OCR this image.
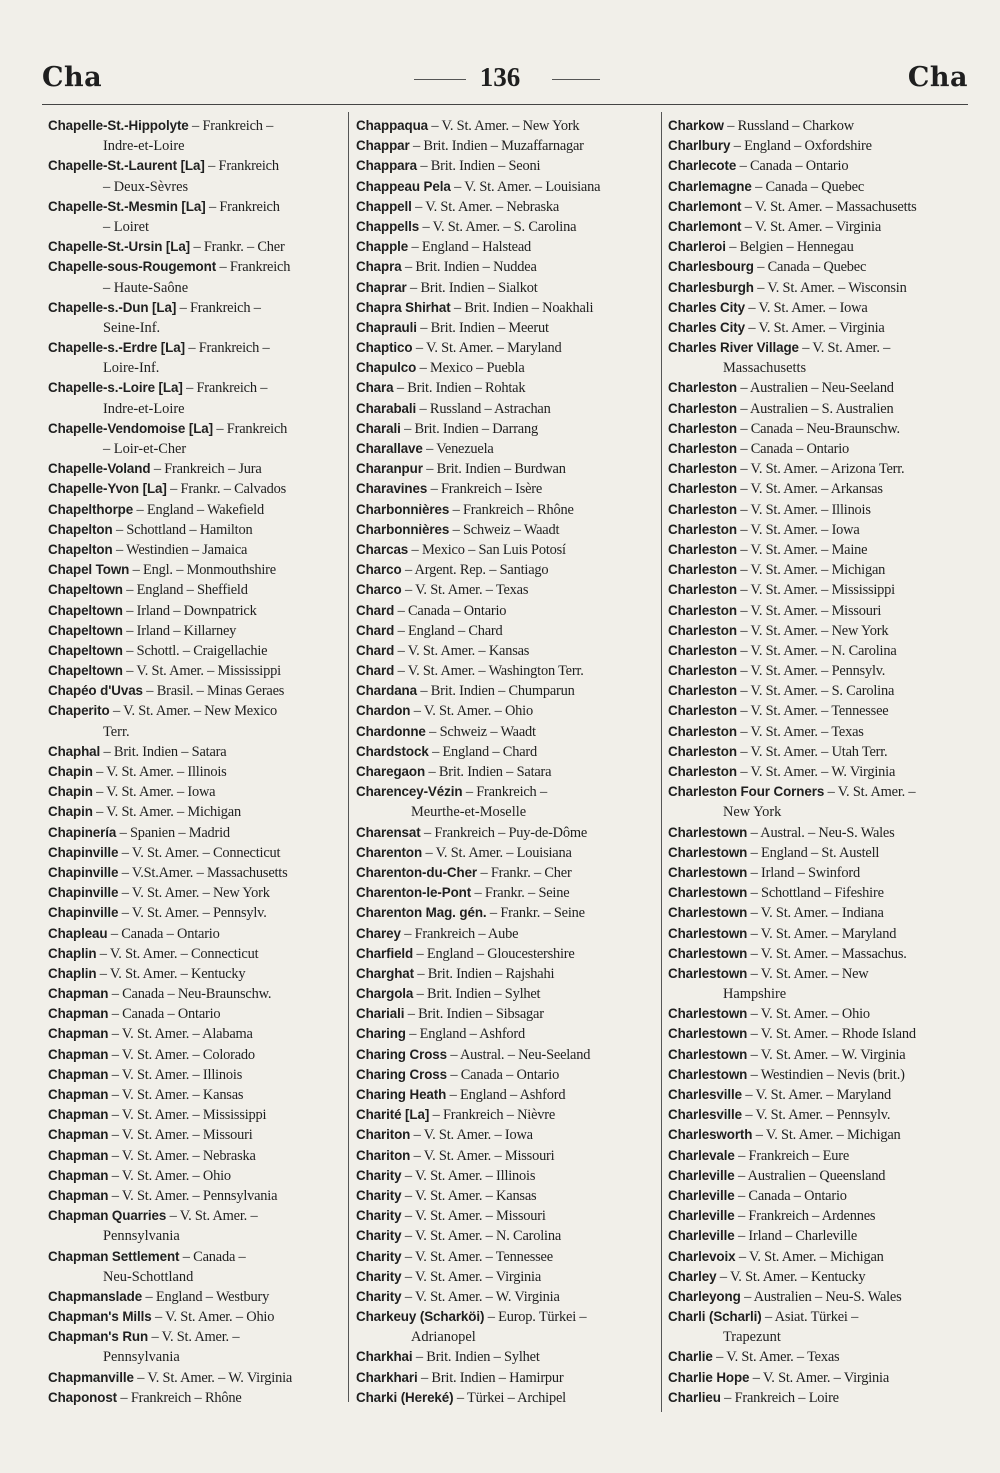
Cha	136	Cha
Chapelle-St.-Hippolyte – Frankreich –
Indre-et-Loire
Chapelle-St.-Laurent [La] – Frankreich
– Deux-Sèvres
Chapelle-St.-Mesmin [La] – Frankreich
– Loiret
Chapelle-St.-Ursin [La] – Frankr. – Cher
Chapelle-sous-Rougemont – Frankreich
– Haute-Saône
Chapelle-s.-Dun [La] – Frankreich –
Seine-Inf.
Chapelle-s.-Erdre [La] – Frankreich –
Loire-Inf.
Chapelle-s.-Loire [La] – Frankreich –
Indre-et-Loire
Chapelle-Vendomoise [La] – Frankreich
– Loir-et-Cher
Chapelle-Voland – Frankreich – Jura
Chapelle-Yvon [La] – Frankr. – Calvados
Chapelthorpe – England – Wakefield
Chapelton – Schottland – Hamilton
Chapelton – Westindien – Jamaica
Chapel Town – Engl. – Monmouthshire
Chapeltown – England – Sheffield
Chapeltown – Irland – Downpatrick
Chapeltown – Irland – Killarney
Chapeltown – Schottl. – Craigellachie
Chapeltown – V. St. Amer. – Mississippi
Chapéo d'Uvas – Brasil. – Minas Geraes
Chaperito – V. St. Amer. – New Mexico
Terr.
Chaphal – Brit. Indien – Satara
Chapin – V. St. Amer. – Illinois
Chapin – V. St. Amer. – Iowa
Chapin – V. St. Amer. – Michigan
Chapinería – Spanien – Madrid
Chapinville – V. St. Amer. – Connecticut
Chapinville – V.St.Amer. – Massachusetts
Chapinville – V. St. Amer. – New York
Chapinville – V. St. Amer. – Pennsylv.
Chapleau – Canada – Ontario
Chaplin – V. St. Amer. – Connecticut
Chaplin – V. St. Amer. – Kentucky
Chapman – Canada – Neu-Braunschw.
Chapman – Canada – Ontario
Chapman – V. St. Amer. – Alabama
Chapman – V. St. Amer. – Colorado
Chapman – V. St. Amer. – Illinois
Chapman – V. St. Amer. – Kansas
Chapman – V. St. Amer. – Mississippi
Chapman – V. St. Amer. – Missouri
Chapman – V. St. Amer. – Nebraska
Chapman – V. St. Amer. – Ohio
Chapman – V. St. Amer. – Pennsylvania
Chapman Quarries – V. St. Amer. –
Pennsylvania
Chapman Settlement – Canada –
Neu-Schottland
Chapmanslade – England – Westbury
Chapman's Mills – V. St. Amer. – Ohio
Chapman's Run – V. St. Amer. –
Pennsylvania
Chapmanville – V. St. Amer. – W. Virginia
Chaponost – Frankreich – Rhône
Chappaqua – V. St. Amer. – New York
Chappar – Brit. Indien – Muzaffarnagar
Chappara – Brit. Indien – Seoni
Chappeau Pela – V. St. Amer. – Louisiana
Chappell – V. St. Amer. – Nebraska
Chappells – V. St. Amer. – S. Carolina
Chapple – England – Halstead
Chapra – Brit. Indien – Nuddea
Chaprar – Brit. Indien – Sialkot
Chapra Shirhat – Brit. Indien – Noakhali
Chaprauli – Brit. Indien – Meerut
Chaptico – V. St. Amer. – Maryland
Chapulco – Mexico – Puebla
Chara – Brit. Indien – Rohtak
Charabali – Russland – Astrachan
Charali – Brit. Indien – Darrang
Charallave – Venezuela
Charanpur – Brit. Indien – Burdwan
Charavines – Frankreich – Isère
Charbonnières – Frankreich – Rhône
Charbonnières – Schweiz – Waadt
Charcas – Mexico – San Luis Potosí
Charco – Argent. Rep. – Santiago
Charco – V. St. Amer. – Texas
Chard – Canada – Ontario
Chard – England – Chard
Chard – V. St. Amer. – Kansas
Chard – V. St. Amer. – Washington Terr.
Chardana – Brit. Indien – Chumparun
Chardon – V. St. Amer. – Ohio
Chardonne – Schweiz – Waadt
Chardstock – England – Chard
Charegaon – Brit. Indien – Satara
Charencey-Vézin – Frankreich –
Meurthe-et-Moselle
Charensat – Frankreich – Puy-de-Dôme
Charenton – V. St. Amer. – Louisiana
Charenton-du-Cher – Frankr. – Cher
Charenton-le-Pont – Frankr. – Seine
Charenton Mag. gén. – Frankr. – Seine
Charey – Frankreich – Aube
Charfield – England – Gloucestershire
Charghat – Brit. Indien – Rajshahi
Chargola – Brit. Indien – Sylhet
Chariali – Brit. Indien – Sibsagar
Charing – England – Ashford
Charing Cross – Austral. – Neu-Seeland
Charing Cross – Canada – Ontario
Charing Heath – England – Ashford
Charité [La] – Frankreich – Nièvre
Chariton – V. St. Amer. – Iowa
Chariton – V. St. Amer. – Missouri
Charity – V. St. Amer. – Illinois
Charity – V. St. Amer. – Kansas
Charity – V. St. Amer. – Missouri
Charity – V. St. Amer. – N. Carolina
Charity – V. St. Amer. – Tennessee
Charity – V. St. Amer. – Virginia
Charity – V. St. Amer. – W. Virginia
Charkeuy (Scharköi) – Europ. Türkei –
Adrianopel
Charkhai – Brit. Indien – Sylhet
Charkhari – Brit. Indien – Hamirpur
Charki (Hereké) – Türkei – Archipel
Charkow – Russland – Charkow
Charlbury – England – Oxfordshire
Charlecote – Canada – Ontario
Charlemagne – Canada – Quebec
Charlemont – V. St. Amer. – Massachusetts
Charlemont – V. St. Amer. – Virginia
Charleroi – Belgien – Hennegau
Charlesbourg – Canada – Quebec
Charlesburgh – V. St. Amer. – Wisconsin
Charles City – V. St. Amer. – Iowa
Charles City – V. St. Amer. – Virginia
Charles River Village – V. St. Amer. –
Massachusetts
Charleston – Australien – Neu-Seeland
Charleston – Australien – S. Australien
Charleston – Canada – Neu-Braunschw.
Charleston – Canada – Ontario
Charleston – V. St. Amer. – Arizona Terr.
Charleston – V. St. Amer. – Arkansas
Charleston – V. St. Amer. – Illinois
Charleston – V. St. Amer. – Iowa
Charleston – V. St. Amer. – Maine
Charleston – V. St. Amer. – Michigan
Charleston – V. St. Amer. – Mississippi
Charleston – V. St. Amer. – Missouri
Charleston – V. St. Amer. – New York
Charleston – V. St. Amer. – N. Carolina
Charleston – V. St. Amer. – Pennsylv.
Charleston – V. St. Amer. – S. Carolina
Charleston – V. St. Amer. – Tennessee
Charleston – V. St. Amer. – Texas
Charleston – V. St. Amer. – Utah Terr.
Charleston – V. St. Amer. – W. Virginia
Charleston Four Corners – V. St. Amer. –
New York
Charlestown – Austral. – Neu-S. Wales
Charlestown – England – St. Austell
Charlestown – Irland – Swinford
Charlestown – Schottland – Fifeshire
Charlestown – V. St. Amer. – Indiana
Charlestown – V. St. Amer. – Maryland
Charlestown – V. St. Amer. – Massachus.
Charlestown – V. St. Amer. – New
Hampshire
Charlestown – V. St. Amer. – Ohio
Charlestown – V. St. Amer. – Rhode Island
Charlestown – V. St. Amer. – W. Virginia
Charlestown – Westindien – Nevis (brit.)
Charlesville – V. St. Amer. – Maryland
Charlesville – V. St. Amer. – Pennsylv.
Charlesworth – V. St. Amer. – Michigan
Charlevale – Frankreich – Eure
Charleville – Australien – Queensland
Charleville – Canada – Ontario
Charleville – Frankreich – Ardennes
Charleville – Irland – Charleville
Charlevoix – V. St. Amer. – Michigan
Charley – V. St. Amer. – Kentucky
Charleyong – Australien – Neu-S. Wales
Charli (Scharli) – Asiat. Türkei –
Trapezunt
Charlie – V. St. Amer. – Texas
Charlie Hope – V. St. Amer. – Virginia
Charlieu – Frankreich – Loire
